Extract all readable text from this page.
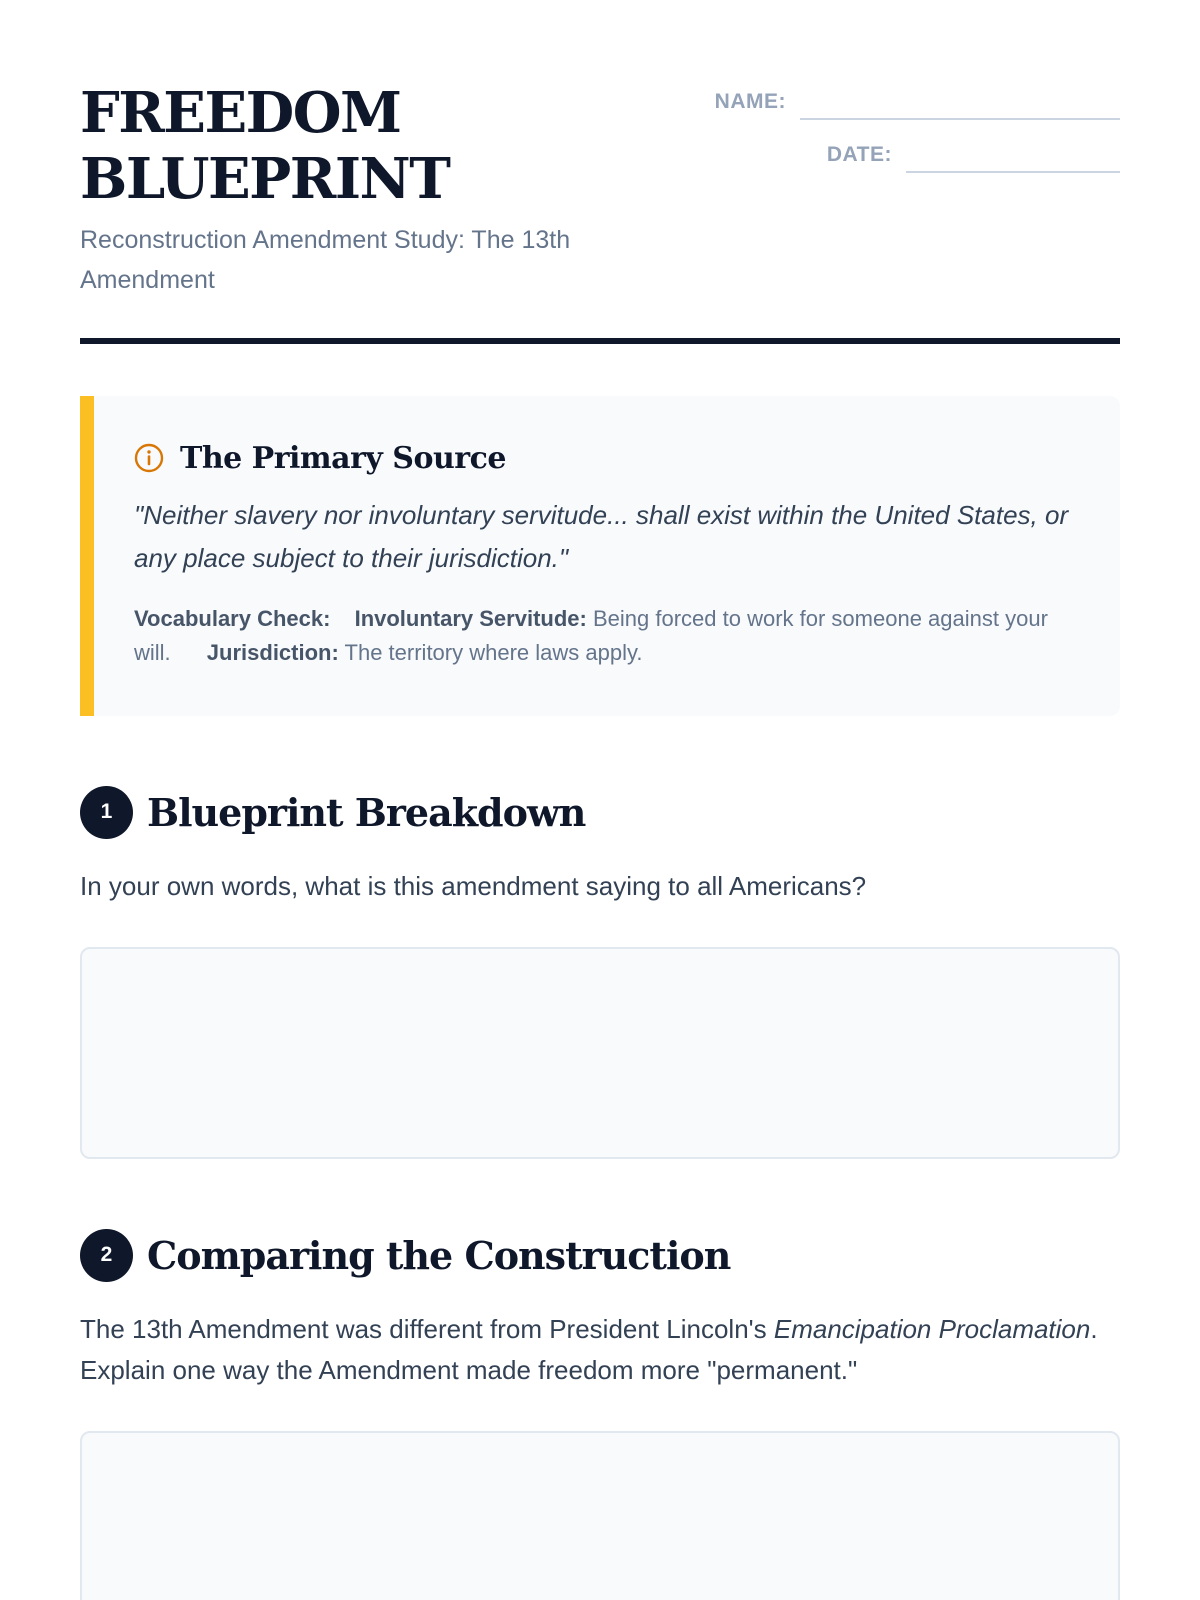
FREEDOM
BLUEPRINT
Reconstruction Amendment Study: The 13th Amendment
NAME:
DATE:
The Primary Source
"Neither slavery nor involuntary servitude... shall exist within the United States, or any place subject to their jurisdiction."
Vocabulary Check: Involuntary Servitude: Being forced to work for someone against your will. Jurisdiction: The territory where laws apply.
1 Blueprint Breakdown
In your own words, what is this amendment saying to all Americans?
2 Comparing the Construction
The 13th Amendment was different from President Lincoln's Emancipation Proclamation. Explain one way the Amendment made freedom more "permanent."
